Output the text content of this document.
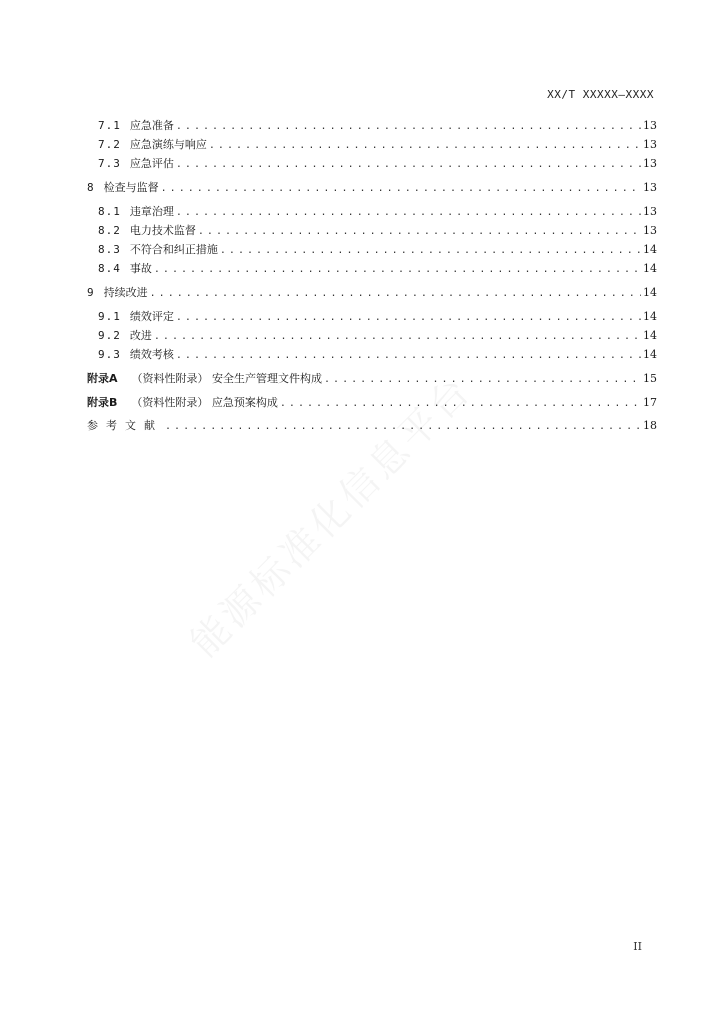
XX/T XXXXX—XXXX
7.1 应急准备 . . .	13
7.2 应急演练与响应 . . .	13
7.3 应急评估 . . .	13
8 检查与监督 . . .	13
8.1 违章治理 . . .	13
8.2 电力技术监督 . . .	13
8.3 不符合和纠正措施 . . .	14
8.4 事故 . . .	14
9 持续改进 . . .	14
9.1 绩效评定 . . .	14
9.2 改进 . . .	14
9.3 绩效考核 . . .	14
附录A （资料性附录） 安全生产管理文件构成 . . .	15
附录B （资料性附录） 应急预案构成 . . .	17
参考文献 . . .	18
II
